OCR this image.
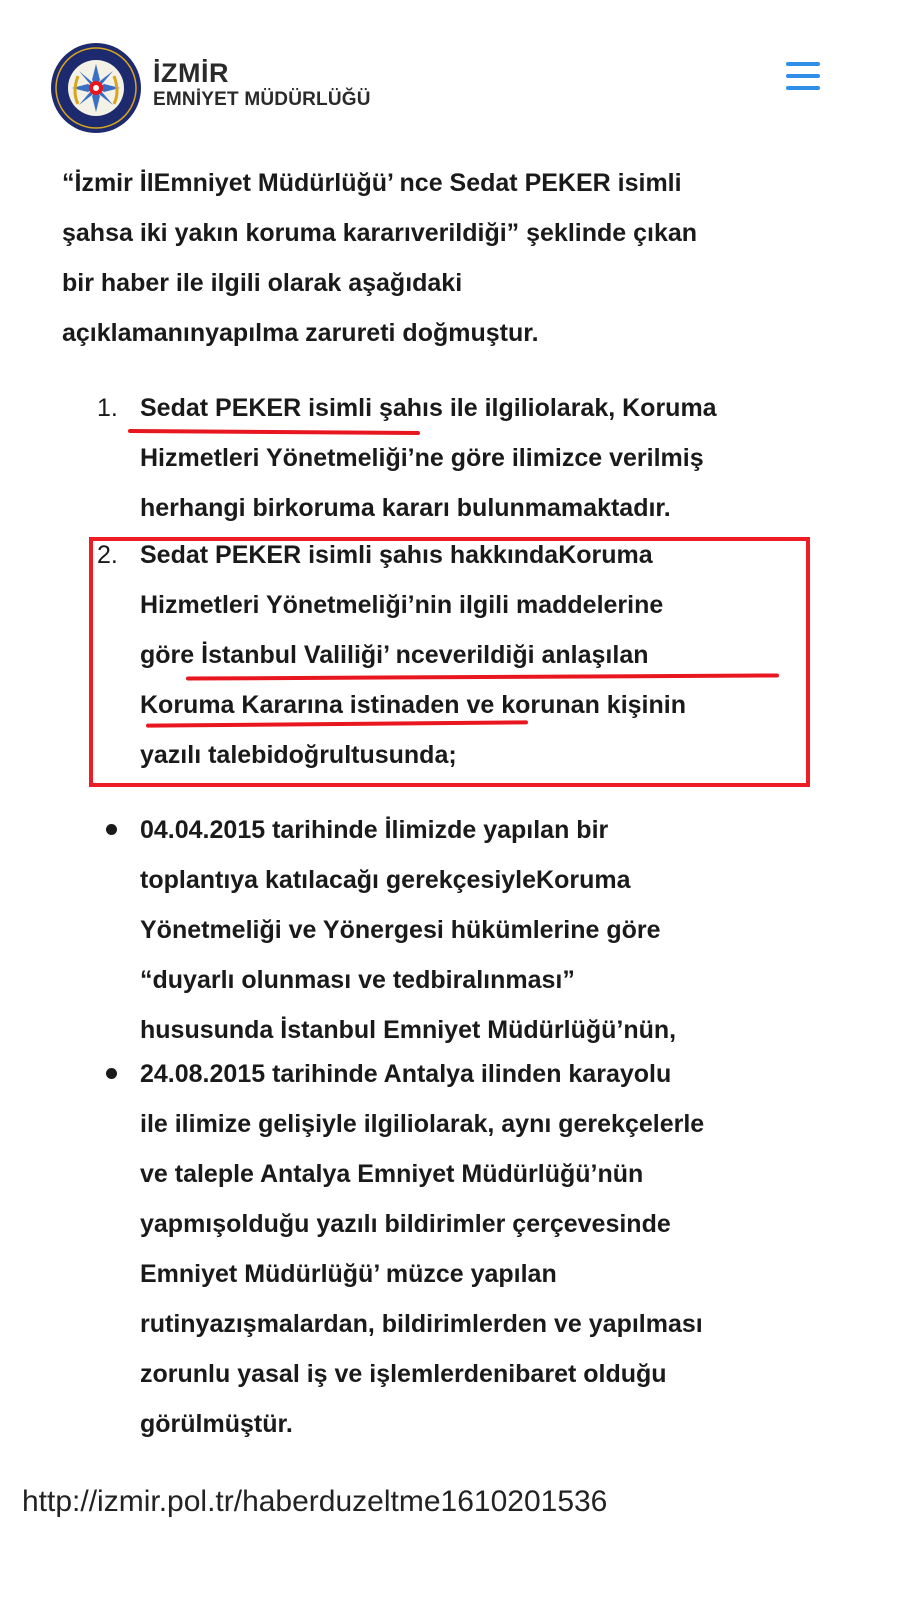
İZMİR
EMNİYET MÜDÜRLÜĞÜ
“İzmir İlEmniyet Müdürlüğü’ nce Sedat PEKER isimli
şahsa iki yakın koruma kararıverildiği” şeklinde çıkan
bir haber ile ilgili olarak aşağıdaki
açıklamanınyapılma zarureti doğmuştur.
1. Sedat PEKER isimli şahıs ile ilgiliolarak, Koruma
Hizmetleri Yönetmeliği’ne göre ilimizce verilmiş
herhangi birkoruma kararı bulunmamaktadır.
2. Sedat PEKER isimli şahıs hakkındaKoruma
Hizmetleri Yönetmeliği’nin ilgili maddelerine
göre İstanbul Valiliği’ nceverildiği anlaşılan
Koruma Kararına istinaden ve korunan kişinin
yazılı talebidoğrultusunda;
04.04.2015 tarihinde İlimizde yapılan bir
toplantıya katılacağı gerekçesiyleKoruma
Yönetmeliği ve Yönergesi hükümlerine göre
“duyarlı olunması ve tedbiralınması”
hususunda İstanbul Emniyet Müdürlüğü’nün,
24.08.2015 tarihinde Antalya ilinden karayolu
ile ilimize gelişiyle ilgiliolarak, aynı gerekçelerle
ve taleple Antalya Emniyet Müdürlüğü’nün
yapmışolduğu yazılı bildirimler çerçevesinde
Emniyet Müdürlüğü’ müzce yapılan
rutinyazışmalardan, bildirimlerden ve yapılması
zorunlu yasal iş ve işlemlerdenibaret olduğu
görülmüştür.
http://izmir.pol.tr/haberduzeltme1610201536
